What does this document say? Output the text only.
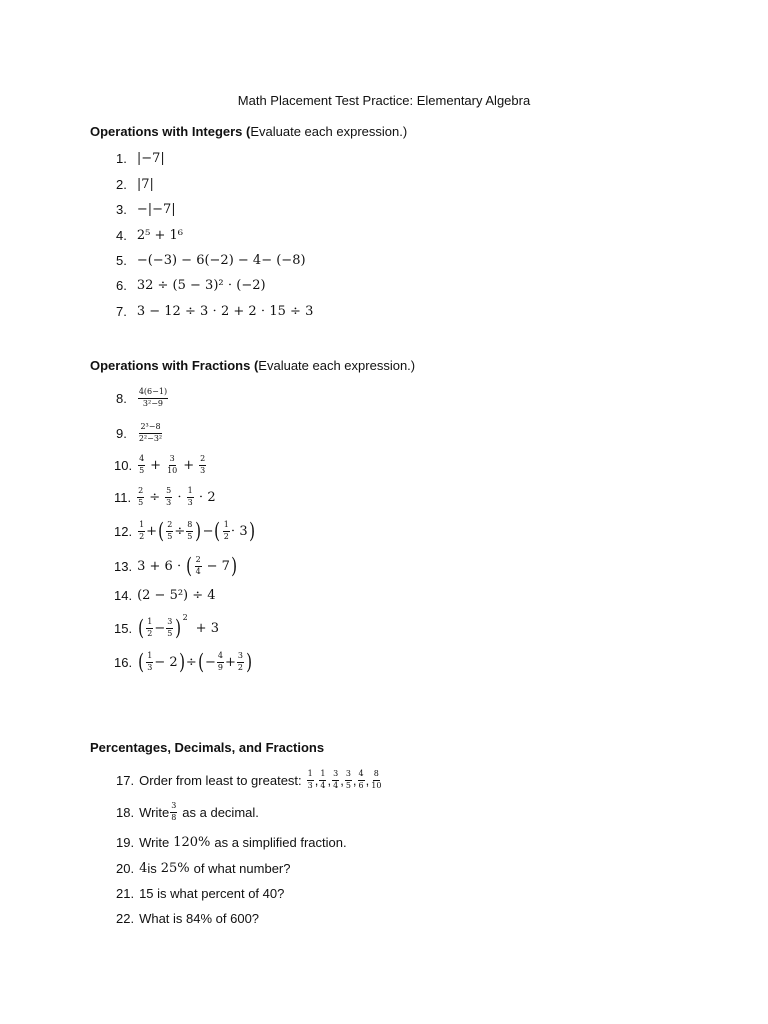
Math Placement Test Practice: Elementary Algebra
Operations with Integers (Evaluate each expression.)
Operations with Fractions (Evaluate each expression.)
Percentages, Decimals, and Fractions
1. |−7|
2. |7|
3. −|−7|
4. 2⁵ + 1⁶
5. −(−3) − 6(−2) − 4− (−8)
6. 32 ÷ (5 − 3)² ⋅ (−2)
7. 3 − 12 ÷ 3 ⋅ 2 + 2 ⋅ 15 ÷ 3
8. $\frac{4(6-1)}{\text{3²−9}}$
9. $\frac{\text{2³−8}}{\text{2²−3²}}$
10. $\frac{4}{5} + \frac{3}{10} + \frac{2}{3}$
11. $\frac{2}{5} \div \frac{5}{3} \cdot \frac{1}{3} \cdot 2$
12. $\frac{1}{2}$ + ( $\frac{2}{5} \div \frac{8}{5}$ ) − ( $\frac{1}{2} \cdot 3$ )
13. 3 + 6 ⋅ ( $\frac{2}{4} - 7$ )
14. (2 − 5²) ÷ 4
15. ( $\frac{1}{2} - \frac{3}{5}$ ) 2
+ 3
16. ( $\frac{1}{3} - 2$ ) ÷ ( − $\frac{4}{9} + \frac{3}{2}$ )
17. Order from least to greatest: $\frac{1}{3}$ , $\frac{1}{4}$ , $\frac{3}{4}$ , $\frac{3}{5}$ , $\frac{4}{6}$ , $\frac{8}{10}$
18. Write $\frac{3}{8}$ as a decimal.
19. Write 120% as a simplified fraction.
20. 4 is 25% of what number?
21. 15 is what percent of 40?
22. What is 84% of 600?
